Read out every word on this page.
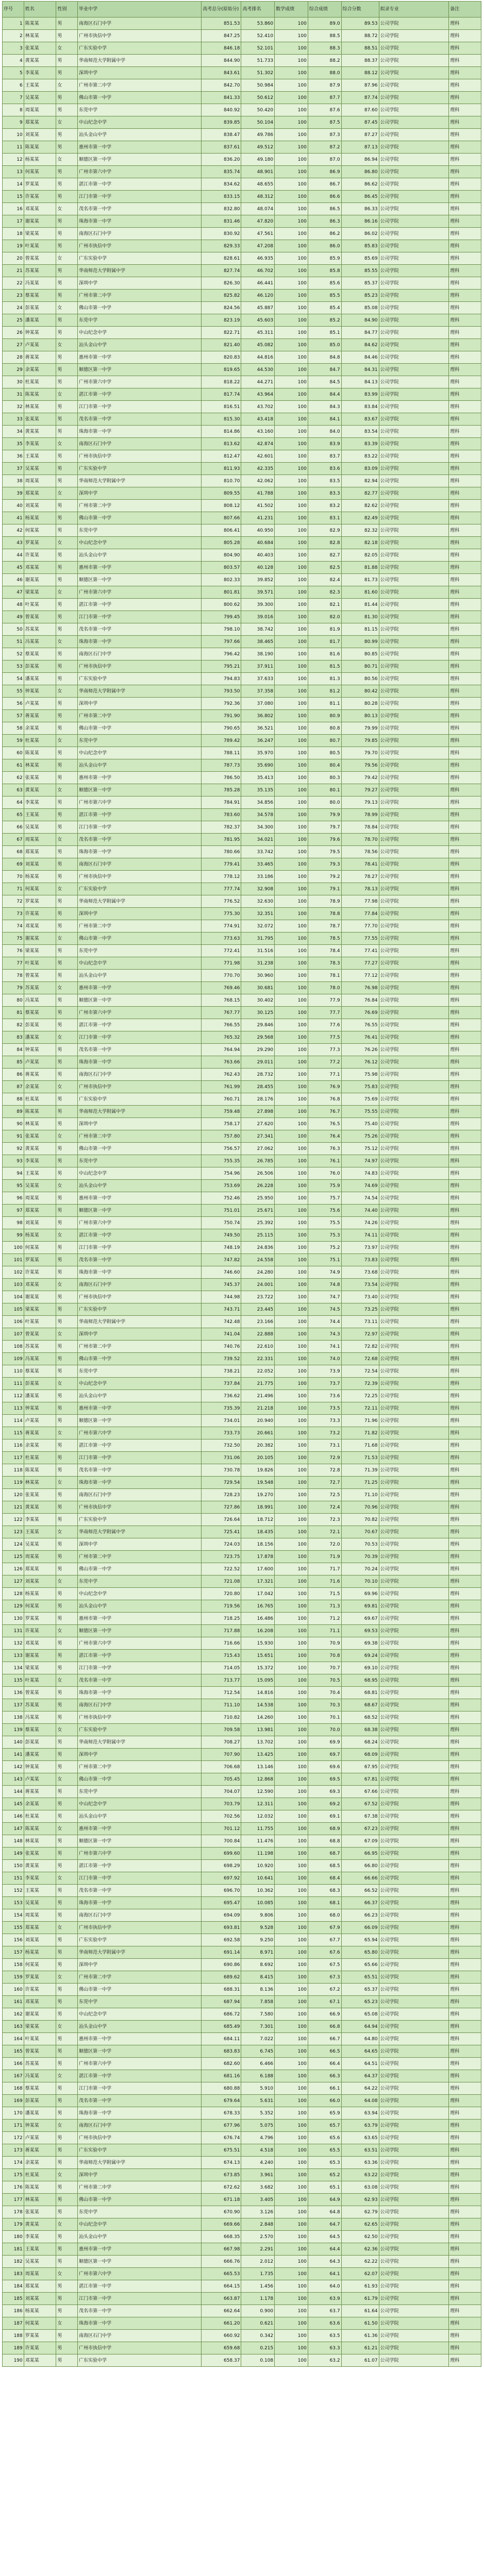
序号	姓名	性别	毕业中学	高考总分(原始分)	高考排名	数学成绩	综合成绩	综合分数	拟录专业	备注
1	陈某某	男	南海区石门中学	851.53	53.860	100	89.0	89.53	公司学院	理科
2	林某某	男	广州市执信中学	847.25	52.410	100	88.5	88.72	公司学院	理科
3	张某某	女	广东实验中学	846.18	52.101	100	88.3	88.51	公司学院	理科
4	黄某某	男	华南师范大学附属中学	844.90	51.733	100	88.2	88.37	公司学院	理科
5	李某某	男	深圳中学	843.61	51.302	100	88.0	88.12	公司学院	理科
6	王某某	女	广州市第二中学	842.70	50.984	100	87.9	87.96	公司学院	理科
7	吴某某	男	佛山市第一中学	841.33	50.612	100	87.7	87.74	公司学院	理科
8	周某某	男	东莞中学	840.92	50.420	100	87.6	87.60	公司学院	理科
9	郑某某	女	中山纪念中学	839.85	50.104	100	87.5	87.45	公司学院	理科
10	刘某某	男	汕头金山中学	838.47	49.786	100	87.3	87.27	公司学院	理科
11	陈某某	男	惠州市第一中学	837.61	49.512	100	87.2	87.13	公司学院	理科
12	杨某某	女	顺德区第一中学	836.20	49.180	100	87.0	86.94	公司学院	理科
13	何某某	男	广州市第六中学	835.74	48.901	100	86.9	86.80	公司学院	理科
14	罗某某	男	湛江市第一中学	834.62	48.655	100	86.7	86.62	公司学院	理科
15	许某某	男	江门市第一中学	833.15	48.312	100	86.6	86.45	公司学院	理科
16	邓某某	女	茂名市第一中学	832.80	48.074	100	86.5	86.33	公司学院	理科
17	谢某某	男	珠海市第一中学	831.46	47.820	100	86.3	86.16	公司学院	理科
18	梁某某	男	南海区石门中学	830.92	47.561	100	86.2	86.02	公司学院	理科
19	叶某某	男	广州市执信中学	829.33	47.208	100	86.0	85.83	公司学院	理科
20	曾某某	女	广东实验中学	828.61	46.935	100	85.9	85.69	公司学院	理科
21	苏某某	男	华南师范大学附属中学	827.74	46.702	100	85.8	85.55	公司学院	理科
22	冯某某	男	深圳中学	826.30	46.441	100	85.6	85.37	公司学院	理科
23	蔡某某	男	广州市第二中学	825.82	46.120	100	85.5	85.23	公司学院	理科
24	彭某某	女	佛山市第一中学	824.56	45.887	100	85.4	85.08	公司学院	理科
25	潘某某	男	东莞中学	823.19	45.603	100	85.2	84.90	公司学院	理科
26	钟某某	男	中山纪念中学	822.71	45.311	100	85.1	84.77	公司学院	理科
27	卢某某	女	汕头金山中学	821.40	45.082	100	85.0	84.62	公司学院	理科
28	蒋某某	男	惠州市第一中学	820.83	44.816	100	84.8	84.46	公司学院	理科
29	余某某	男	顺德区第一中学	819.65	44.530	100	84.7	84.31	公司学院	理科
30	杜某某	男	广州市第六中学	818.22	44.271	100	84.5	84.13	公司学院	理科
31	陈某某	女	湛江市第一中学	817.74	43.964	100	84.4	83.99	公司学院	理科
32	林某某	男	江门市第一中学	816.51	43.702	100	84.3	83.84	公司学院	理科
33	张某某	男	茂名市第一中学	815.30	43.418	100	84.1	83.67	公司学院	理科
34	黄某某	男	珠海市第一中学	814.86	43.160	100	84.0	83.54	公司学院	理科
35	李某某	女	南海区石门中学	813.62	42.874	100	83.9	83.39	公司学院	理科
36	王某某	男	广州市执信中学	812.47	42.601	100	83.7	83.22	公司学院	理科
37	吴某某	男	广东实验中学	811.93	42.335	100	83.6	83.09	公司学院	理科
38	周某某	男	华南师范大学附属中学	810.70	42.062	100	83.5	82.94	公司学院	理科
39	郑某某	女	深圳中学	809.55	41.788	100	83.3	82.77	公司学院	理科
40	刘某某	男	广州市第二中学	808.12	41.502	100	83.2	82.62	公司学院	理科
41	杨某某	男	佛山市第一中学	807.66	41.231	100	83.1	82.49	公司学院	理科
42	何某某	男	东莞中学	806.41	40.950	100	82.9	82.32	公司学院	理科
43	罗某某	女	中山纪念中学	805.28	40.684	100	82.8	82.18	公司学院	理科
44	许某某	男	汕头金山中学	804.90	40.403	100	82.7	82.05	公司学院	理科
45	邓某某	男	惠州市第一中学	803.57	40.128	100	82.5	81.88	公司学院	理科
46	谢某某	男	顺德区第一中学	802.33	39.852	100	82.4	81.73	公司学院	理科
47	梁某某	女	广州市第六中学	801.81	39.571	100	82.3	81.60	公司学院	理科
48	叶某某	男	湛江市第一中学	800.62	39.300	100	82.1	81.44	公司学院	理科
49	曾某某	男	江门市第一中学	799.45	39.016	100	82.0	81.30	公司学院	理科
50	苏某某	男	茂名市第一中学	798.10	38.742	100	81.9	81.15	公司学院	理科
51	冯某某	女	珠海市第一中学	797.66	38.465	100	81.7	80.99	公司学院	理科
52	蔡某某	男	南海区石门中学	796.42	38.190	100	81.6	80.85	公司学院	理科
53	彭某某	男	广州市执信中学	795.21	37.911	100	81.5	80.71	公司学院	理科
54	潘某某	男	广东实验中学	794.83	37.633	100	81.3	80.56	公司学院	理科
55	钟某某	女	华南师范大学附属中学	793.50	37.358	100	81.2	80.42	公司学院	理科
56	卢某某	男	深圳中学	792.36	37.080	100	81.1	80.28	公司学院	理科
57	蒋某某	男	广州市第二中学	791.90	36.802	100	80.9	80.13	公司学院	理科
58	余某某	男	佛山市第一中学	790.65	36.521	100	80.8	79.99	公司学院	理科
59	杜某某	女	东莞中学	789.42	36.247	100	80.7	79.85	公司学院	理科
60	陈某某	男	中山纪念中学	788.11	35.970	100	80.5	79.70	公司学院	理科
61	林某某	男	汕头金山中学	787.73	35.690	100	80.4	79.56	公司学院	理科
62	张某某	男	惠州市第一中学	786.50	35.413	100	80.3	79.42	公司学院	理科
63	黄某某	女	顺德区第一中学	785.28	35.135	100	80.1	79.27	公司学院	理科
64	李某某	男	广州市第六中学	784.91	34.856	100	80.0	79.13	公司学院	理科
65	王某某	男	湛江市第一中学	783.60	34.578	100	79.9	78.99	公司学院	理科
66	吴某某	男	江门市第一中学	782.37	34.300	100	79.7	78.84	公司学院	理科
67	周某某	女	茂名市第一中学	781.95	34.021	100	79.6	78.70	公司学院	理科
68	郑某某	男	珠海市第一中学	780.66	33.742	100	79.5	78.56	公司学院	理科
69	刘某某	男	南海区石门中学	779.41	33.465	100	79.3	78.41	公司学院	理科
70	杨某某	男	广州市执信中学	778.12	33.186	100	79.2	78.27	公司学院	理科
71	何某某	女	广东实验中学	777.74	32.908	100	79.1	78.13	公司学院	理科
72	罗某某	男	华南师范大学附属中学	776.52	32.630	100	78.9	77.98	公司学院	理科
73	许某某	男	深圳中学	775.30	32.351	100	78.8	77.84	公司学院	理科
74	邓某某	男	广州市第二中学	774.91	32.072	100	78.7	77.70	公司学院	理科
75	谢某某	女	佛山市第一中学	773.63	31.795	100	78.5	77.55	公司学院	理科
76	梁某某	男	东莞中学	772.41	31.516	100	78.4	77.41	公司学院	理科
77	叶某某	男	中山纪念中学	771.98	31.238	100	78.3	77.27	公司学院	理科
78	曾某某	男	汕头金山中学	770.70	30.960	100	78.1	77.12	公司学院	理科
79	苏某某	女	惠州市第一中学	769.46	30.681	100	78.0	76.98	公司学院	理科
80	冯某某	男	顺德区第一中学	768.15	30.402	100	77.9	76.84	公司学院	理科
81	蔡某某	男	广州市第六中学	767.77	30.125	100	77.7	76.69	公司学院	理科
82	彭某某	男	湛江市第一中学	766.55	29.846	100	77.6	76.55	公司学院	理科
83	潘某某	女	江门市第一中学	765.32	29.568	100	77.5	76.41	公司学院	理科
84	钟某某	男	茂名市第一中学	764.94	29.290	100	77.3	76.26	公司学院	理科
85	卢某某	男	珠海市第一中学	763.66	29.011	100	77.2	76.12	公司学院	理科
86	蒋某某	男	南海区石门中学	762.43	28.732	100	77.1	75.98	公司学院	理科
87	余某某	女	广州市执信中学	761.99	28.455	100	76.9	75.83	公司学院	理科
88	杜某某	男	广东实验中学	760.71	28.176	100	76.8	75.69	公司学院	理科
89	陈某某	男	华南师范大学附属中学	759.48	27.898	100	76.7	75.55	公司学院	理科
90	林某某	男	深圳中学	758.17	27.620	100	76.5	75.40	公司学院	理科
91	张某某	女	广州市第二中学	757.80	27.341	100	76.4	75.26	公司学院	理科
92	黄某某	男	佛山市第一中学	756.57	27.062	100	76.3	75.12	公司学院	理科
93	李某某	男	东莞中学	755.35	26.785	100	76.1	74.97	公司学院	理科
94	王某某	男	中山纪念中学	754.96	26.506	100	76.0	74.83	公司学院	理科
95	吴某某	女	汕头金山中学	753.69	26.228	100	75.9	74.69	公司学院	理科
96	周某某	男	惠州市第一中学	752.46	25.950	100	75.7	74.54	公司学院	理科
97	郑某某	男	顺德区第一中学	751.01	25.671	100	75.6	74.40	公司学院	理科
98	刘某某	男	广州市第六中学	750.74	25.392	100	75.5	74.26	公司学院	理科
99	杨某某	女	湛江市第一中学	749.50	25.115	100	75.3	74.11	公司学院	理科
100	何某某	男	江门市第一中学	748.19	24.836	100	75.2	73.97	公司学院	理科
101	罗某某	男	茂名市第一中学	747.82	24.558	100	75.1	73.83	公司学院	理科
102	许某某	男	珠海市第一中学	746.60	24.280	100	74.9	73.68	公司学院	理科
103	邓某某	女	南海区石门中学	745.37	24.001	100	74.8	73.54	公司学院	理科
104	谢某某	男	广州市执信中学	744.98	23.722	100	74.7	73.40	公司学院	理科
105	梁某某	男	广东实验中学	743.71	23.445	100	74.5	73.25	公司学院	理科
106	叶某某	男	华南师范大学附属中学	742.48	23.166	100	74.4	73.11	公司学院	理科
107	曾某某	女	深圳中学	741.04	22.888	100	74.3	72.97	公司学院	理科
108	苏某某	男	广州市第二中学	740.76	22.610	100	74.1	72.82	公司学院	理科
109	冯某某	男	佛山市第一中学	739.52	22.331	100	74.0	72.68	公司学院	理科
110	蔡某某	男	东莞中学	738.21	22.052	100	73.9	72.54	公司学院	理科
111	彭某某	女	中山纪念中学	737.84	21.775	100	73.7	72.39	公司学院	理科
112	潘某某	男	汕头金山中学	736.62	21.496	100	73.6	72.25	公司学院	理科
113	钟某某	男	惠州市第一中学	735.39	21.218	100	73.5	72.11	公司学院	理科
114	卢某某	男	顺德区第一中学	734.01	20.940	100	73.3	71.96	公司学院	理科
115	蒋某某	女	广州市第六中学	733.73	20.661	100	73.2	71.82	公司学院	理科
116	余某某	男	湛江市第一中学	732.50	20.382	100	73.1	71.68	公司学院	理科
117	杜某某	男	江门市第一中学	731.06	20.105	100	72.9	71.53	公司学院	理科
118	陈某某	男	茂名市第一中学	730.78	19.826	100	72.8	71.39	公司学院	理科
119	林某某	女	珠海市第一中学	729.54	19.548	100	72.7	71.25	公司学院	理科
120	张某某	男	南海区石门中学	728.23	19.270	100	72.5	71.10	公司学院	理科
121	黄某某	男	广州市执信中学	727.86	18.991	100	72.4	70.96	公司学院	理科
122	李某某	男	广东实验中学	726.64	18.712	100	72.3	70.82	公司学院	理科
123	王某某	女	华南师范大学附属中学	725.41	18.435	100	72.1	70.67	公司学院	理科
124	吴某某	男	深圳中学	724.03	18.156	100	72.0	70.53	公司学院	理科
125	周某某	男	广州市第二中学	723.75	17.878	100	71.9	70.39	公司学院	理科
126	郑某某	男	佛山市第一中学	722.52	17.600	100	71.7	70.24	公司学院	理科
127	刘某某	女	东莞中学	721.08	17.321	100	71.6	70.10	公司学院	理科
128	杨某某	男	中山纪念中学	720.80	17.042	100	71.5	69.96	公司学院	理科
129	何某某	男	汕头金山中学	719.56	16.765	100	71.3	69.81	公司学院	理科
130	罗某某	男	惠州市第一中学	718.25	16.486	100	71.2	69.67	公司学院	理科
131	许某某	女	顺德区第一中学	717.88	16.208	100	71.1	69.53	公司学院	理科
132	邓某某	男	广州市第六中学	716.66	15.930	100	70.9	69.38	公司学院	理科
133	谢某某	男	湛江市第一中学	715.43	15.651	100	70.8	69.24	公司学院	理科
134	梁某某	男	江门市第一中学	714.05	15.372	100	70.7	69.10	公司学院	理科
135	叶某某	女	茂名市第一中学	713.77	15.095	100	70.5	68.95	公司学院	理科
136	曾某某	男	珠海市第一中学	712.54	14.816	100	70.4	68.81	公司学院	理科
137	苏某某	男	南海区石门中学	711.10	14.538	100	70.3	68.67	公司学院	理科
138	冯某某	男	广州市执信中学	710.82	14.260	100	70.1	68.52	公司学院	理科
139	蔡某某	女	广东实验中学	709.58	13.981	100	70.0	68.38	公司学院	理科
140	彭某某	男	华南师范大学附属中学	708.27	13.702	100	69.9	68.24	公司学院	理科
141	潘某某	男	深圳中学	707.90	13.425	100	69.7	68.09	公司学院	理科
142	钟某某	男	广州市第二中学	706.68	13.146	100	69.6	67.95	公司学院	理科
143	卢某某	女	佛山市第一中学	705.45	12.868	100	69.5	67.81	公司学院	理科
144	蒋某某	男	东莞中学	704.07	12.590	100	69.3	67.66	公司学院	理科
145	余某某	男	中山纪念中学	703.79	12.311	100	69.2	67.52	公司学院	理科
146	杜某某	男	汕头金山中学	702.56	12.032	100	69.1	67.38	公司学院	理科
147	陈某某	女	惠州市第一中学	701.12	11.755	100	68.9	67.23	公司学院	理科
148	林某某	男	顺德区第一中学	700.84	11.476	100	68.8	67.09	公司学院	理科
149	张某某	男	广州市第六中学	699.60	11.198	100	68.7	66.95	公司学院	理科
150	黄某某	男	湛江市第一中学	698.29	10.920	100	68.5	66.80	公司学院	理科
151	李某某	女	江门市第一中学	697.92	10.641	100	68.4	66.66	公司学院	理科
152	王某某	男	茂名市第一中学	696.70	10.362	100	68.3	66.52	公司学院	理科
153	吴某某	男	珠海市第一中学	695.47	10.085	100	68.1	66.37	公司学院	理科
154	周某某	男	南海区石门中学	694.09	9.806	100	68.0	66.23	公司学院	理科
155	郑某某	女	广州市执信中学	693.81	9.528	100	67.9	66.09	公司学院	理科
156	刘某某	男	广东实验中学	692.58	9.250	100	67.7	65.94	公司学院	理科
157	杨某某	男	华南师范大学附属中学	691.14	8.971	100	67.6	65.80	公司学院	理科
158	何某某	男	深圳中学	690.86	8.692	100	67.5	65.66	公司学院	理科
159	罗某某	女	广州市第二中学	689.62	8.415	100	67.3	65.51	公司学院	理科
160	许某某	男	佛山市第一中学	688.31	8.136	100	67.2	65.37	公司学院	理科
161	邓某某	男	东莞中学	687.94	7.858	100	67.1	65.23	公司学院	理科
162	谢某某	男	中山纪念中学	686.72	7.580	100	66.9	65.08	公司学院	理科
163	梁某某	女	汕头金山中学	685.49	7.301	100	66.8	64.94	公司学院	理科
164	叶某某	男	惠州市第一中学	684.11	7.022	100	66.7	64.80	公司学院	理科
165	曾某某	男	顺德区第一中学	683.83	6.745	100	66.5	64.65	公司学院	理科
166	苏某某	男	广州市第六中学	682.60	6.466	100	66.4	64.51	公司学院	理科
167	冯某某	女	湛江市第一中学	681.16	6.188	100	66.3	64.37	公司学院	理科
168	蔡某某	男	江门市第一中学	680.88	5.910	100	66.1	64.22	公司学院	理科
169	彭某某	男	茂名市第一中学	679.64	5.631	100	66.0	64.08	公司学院	理科
170	潘某某	男	珠海市第一中学	678.33	5.352	100	65.9	63.94	公司学院	理科
171	钟某某	女	南海区石门中学	677.96	5.075	100	65.7	63.79	公司学院	理科
172	卢某某	男	广州市执信中学	676.74	4.796	100	65.6	63.65	公司学院	理科
173	蒋某某	男	广东实验中学	675.51	4.518	100	65.5	63.51	公司学院	理科
174	余某某	男	华南师范大学附属中学	674.13	4.240	100	65.3	63.36	公司学院	理科
175	杜某某	女	深圳中学	673.85	3.961	100	65.2	63.22	公司学院	理科
176	陈某某	男	广州市第二中学	672.62	3.682	100	65.1	63.08	公司学院	理科
177	林某某	男	佛山市第一中学	671.18	3.405	100	64.9	62.93	公司学院	理科
178	张某某	男	东莞中学	670.90	3.126	100	64.8	62.79	公司学院	理科
179	黄某某	女	中山纪念中学	669.66	2.848	100	64.7	62.65	公司学院	理科
180	李某某	男	汕头金山中学	668.35	2.570	100	64.5	62.50	公司学院	理科
181	王某某	男	惠州市第一中学	667.98	2.291	100	64.4	62.36	公司学院	理科
182	吴某某	男	顺德区第一中学	666.76	2.012	100	64.3	62.22	公司学院	理科
183	周某某	女	广州市第六中学	665.53	1.735	100	64.1	62.07	公司学院	理科
184	郑某某	男	湛江市第一中学	664.15	1.456	100	64.0	61.93	公司学院	理科
185	刘某某	男	江门市第一中学	663.87	1.178	100	63.9	61.79	公司学院	理科
186	杨某某	男	茂名市第一中学	662.64	0.900	100	63.7	61.64	公司学院	理科
187	何某某	女	珠海市第一中学	661.20	0.621	100	63.6	61.50	公司学院	理科
188	罗某某	男	南海区石门中学	660.92	0.342	100	63.5	61.36	公司学院	理科
189	许某某	男	广州市执信中学	659.68	0.215	100	63.3	61.21	公司学院	理科
190	邓某某	男	广东实验中学	658.37	0.108	100	63.2	61.07	公司学院	理科
